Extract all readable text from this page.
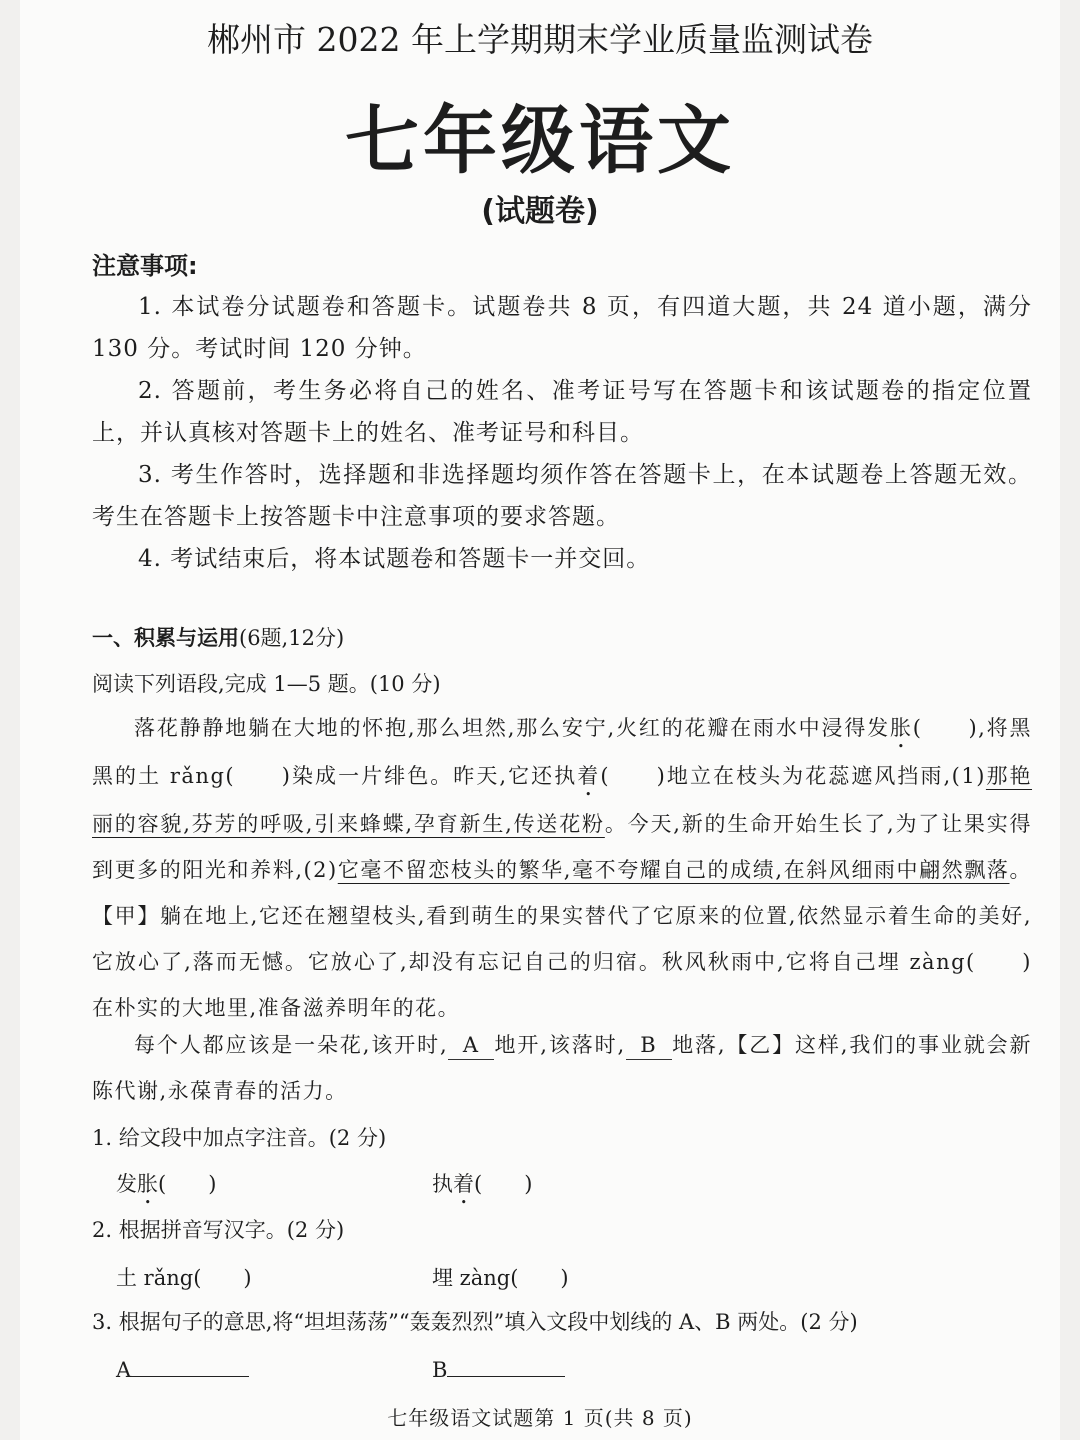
郴州市 2022 年上学期期末学业质量监测试卷
七年级语文
(试题卷)
注意事项:
1. 本试卷分试题卷和答题卡。试题卷共 8 页，有四道大题，共 24 道小题，满分 130 分。考试时间 120 分钟。
2. 答题前，考生务必将自己的姓名、准考证号写在答题卡和该试题卷的指定位置上，并认真核对答题卡上的姓名、准考证号和科目。
3. 考生作答时，选择题和非选择题均须作答在答题卡上，在本试题卷上答题无效。考生在答题卡上按答题卡中注意事项的要求答题。
4. 考试结束后，将本试题卷和答题卡一并交回。
一、积累与运用(6题,12分)
阅读下列语段,完成 1—5 题。(10 分)
落花静静地躺在大地的怀抱,那么坦然,那么安宁,火红的花瓣在雨水中浸得发胀(　　),将黑黑的土 rǎng(　　)染成一片绯色。昨天,它还执着(　　)地立在枝头为花蕊遮风挡雨,(1)那艳丽的容貌,芬芳的呼吸,引来蜂蝶,孕育新生,传送花粉。今天,新的生命开始生长了,为了让果实得到更多的阳光和养料,(2)它毫不留恋枝头的繁华,毫不夸耀自己的成绩,在斜风细雨中翩然飘落。【甲】躺在地上,它还在翘望枝头,看到萌生的果实替代了它原来的位置,依然显示着生命的美好,它放心了,落而无憾。它放心了,却没有忘记自己的归宿。秋风秋雨中,它将自己埋 zàng(　　)在朴实的大地里,准备滋养明年的花。
每个人都应该是一朵花,该开时, A 地开,该落时, B 地落,【乙】这样,我们的事业就会新陈代谢,永葆青春的活力。
1. 给文段中加点字注音。(2 分)
发胀(　　)	执着(　　)
2. 根据拼音写汉字。(2 分)
土 rǎng(　　)	埋 zàng(　　)
3. 根据句子的意思,将“坦坦荡荡”“轰轰烈烈”填入文段中划线的 A、B 两处。(2 分)
A	B
七年级语文试题第 1 页(共 8 页)
